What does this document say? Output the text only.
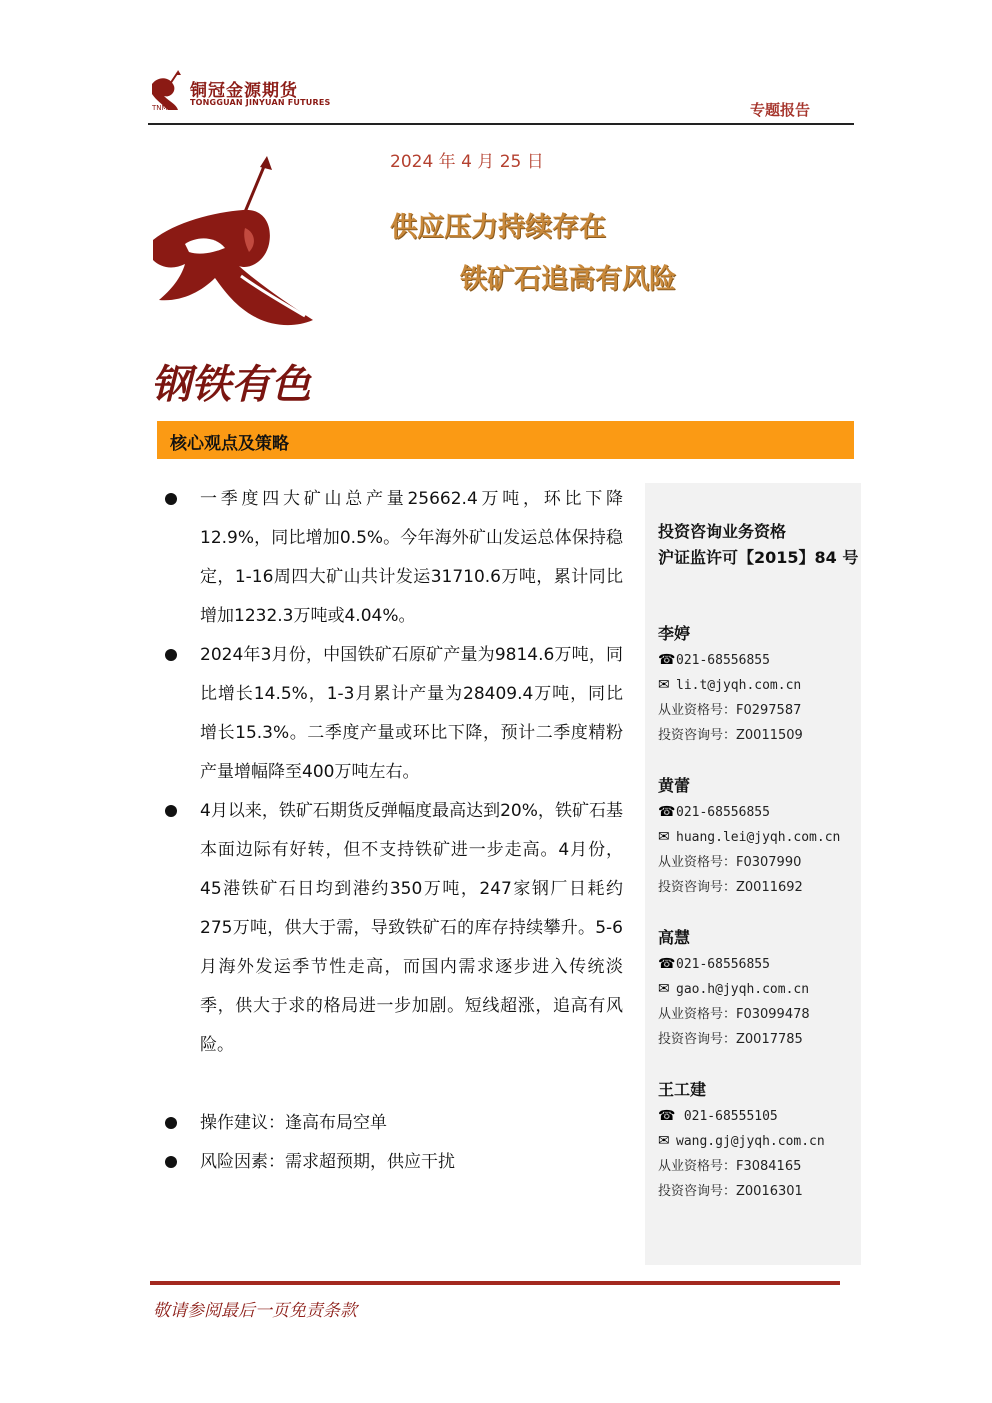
铜冠金源期货
TONGGUAN JINYUAN FUTURES
TNMC	专题报告
钢铁有色
2024 年 4 月 25 日
供应压力持续存在
铁矿石追高有风险
核心观点及策略
一季度四大矿山总产量25662.4万吨，环比下降12.9%，同比增加0.5%。今年海外矿山发运总体保持稳定，1-16周四大矿山共计发运31710.6万吨，累计同比增加1232.3万吨或4.04%。
2024年3月份，中国铁矿石原矿产量为9814.6万吨，同比增长14.5%，1-3月累计产量为28409.4万吨，同比增长15.3%。二季度产量或环比下降，预计二季度精粉产量增幅降至400万吨左右。
4月以来，铁矿石期货反弹幅度最高达到20%，铁矿石基本面边际有好转，但不支持铁矿进一步走高。4月份，45港铁矿石日均到港约350万吨，247家钢厂日耗约275万吨，供大于需，导致铁矿石的库存持续攀升。5-6月海外发运季节性走高，而国内需求逐步进入传统淡季，供大于求的格局进一步加剧。短线超涨，追高有风险。
操作建议：逢高布局空单
风险因素：需求超预期，供应干扰
投资咨询业务资格
沪证监许可【2015】84 号
李婷
☎021-68556855
✉ li.t@jyqh.com.cn
从业资格号：F0297587
投资咨询号：Z0011509
黄蕾
☎021-68556855
✉ huang.lei@jyqh.com.cn
从业资格号：F0307990
投资咨询号：Z0011692
高慧
☎021-68556855
✉ gao.h@jyqh.com.cn
从业资格号：F03099478
投资咨询号：Z0017785
王工建
☎ 021-68555105
✉ wang.gj@jyqh.com.cn
从业资格号：F3084165
投资咨询号：Z0016301
敬请参阅最后一页免责条款
